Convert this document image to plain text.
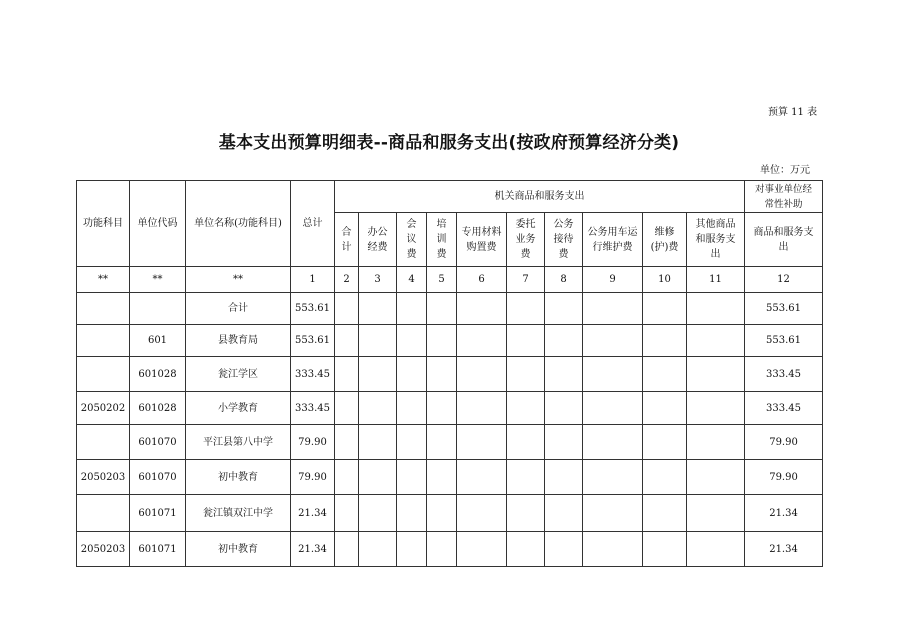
预算 11 表
基本支出预算明细表--商品和服务支出(按政府预算经济分类)
单位：万元
功能科目	单位代码	单位名称(功能科目)	总计	机关商品和服务支出										对事业单位经常性补助
				合计	办公经费	会议费	培训费	专用材料购置费	委托业务费	公务接待费	公务用车运行维护费	维修(护)费	其他商品和服务支出	商品和服务支出
**	**	**	1	2	3	4	5	6	7	8	9	10	11	12
		合计	553.61											553.61
	601	县教育局	553.61											553.61
	601028	瓮江学区	333.45											333.45
2050202	601028	小学教育	333.45											333.45
	601070	平江县第八中学	79.90											79.90
2050203	601070	初中教育	79.90											79.90
	601071	瓮江镇双江中学	21.34											21.34
2050203	601071	初中教育	21.34											21.34
